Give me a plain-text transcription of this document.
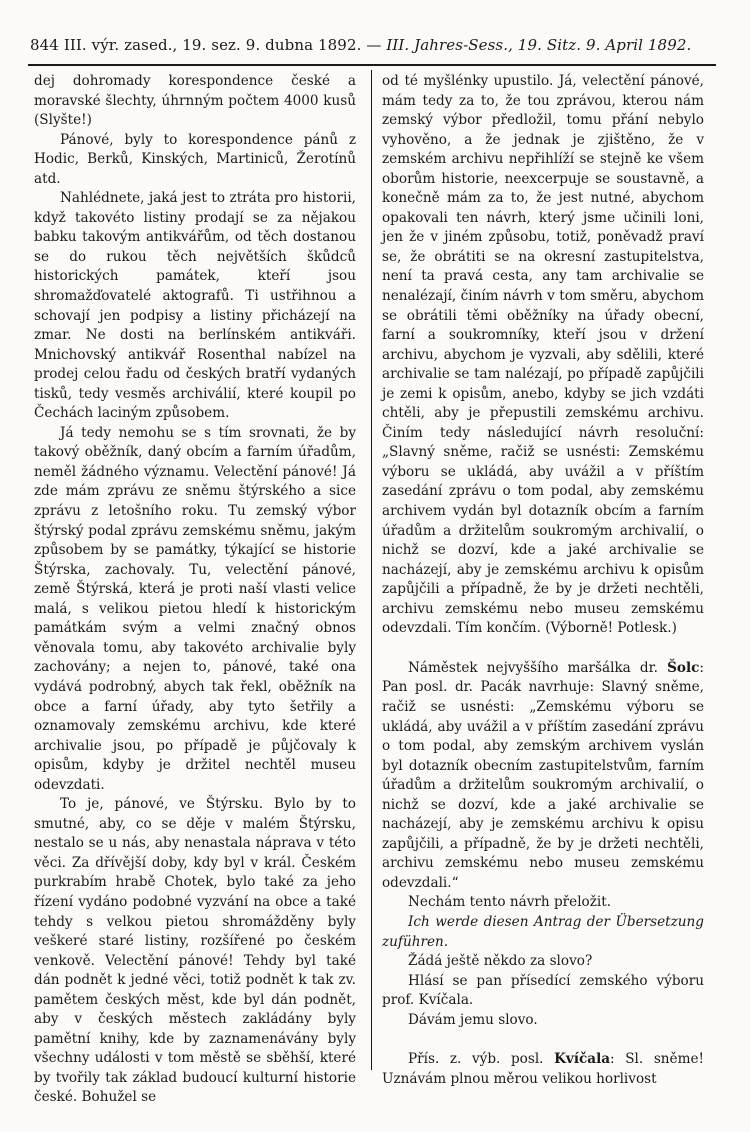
844 III. výr. zased., 19. sez. 9. dubna 1892. — III. Jahres-Sess., 19. Sitz. 9. April 1892.

dej dohromady korespondence české a moravské šlechty, úhrnným počtem 4000 kusů (Slyšte!)

Pánové, byly to korespondence pánů z Hodic, Berků, Kinských, Martiniců, Žerotínů atd.

Nahlédnete, jaká jest to ztráta pro historii, když takovéto listiny prodají se za nějakou babku takovým antikvářům, od těch dostanou se do rukou těch největších škůdců historických památek, kteří jsou shromažďovatelé aktografů. Ti ustřihnou a schovají jen podpisy a listiny přicházejí na zmar. Ne dosti na berlínském antikváři. Mnichovský antikvář Rosenthal nabízel na prodej celou řadu od českých bratří vydaných tisků, tedy vesměs archiválií, které koupil po Čechách laciným způsobem.

Já tedy nemohu se s tím srovnati, že by takový oběžník, daný obcím a farním úřadům, neměl žádného významu. Velectění pánové! Já zde mám zprávu ze sněmu štýrského a sice zprávu z letošního roku. Tu zemský výbor štýrský podal zprávu zemskému sněmu, jakým způsobem by se památky, týkající se historie Štýrska, zachovaly. Tu, velectění pánové, země Štýrská, která je proti naší vlasti velice malá, s velikou pietou hledí k historickým památkám svým a velmi značný obnos věnovala tomu, aby takovéto archivalie byly zachovány; a nejen to, pánové, také ona vydává podrobný, abych tak řekl, oběžník na obce a farní úřady, aby tyto šetřily a oznamovaly zemskému archivu, kde které archivalie jsou, po případě je půjčovaly k opisům, kdyby je držitel nechtěl museu odevzdati.

To je, pánové, ve Štýrsku. Bylo by to smutné, aby, co se děje v malém Štýrsku, nestalo se u nás, aby nenastala náprava v této věci. Za dřívější doby, kdy byl v král. Českém purkrabím hrabě Chotek, bylo také za jeho řízení vydáno podobné vyzvání na obce a také tehdy s velkou pietou shromážděny byly veškeré staré listiny, rozšířené po českém venkově. Velectění pánové! Tehdy byl také dán podnět k jedné věci, totiž podnět k tak zv. pamětem českých měst, kde byl dán podnět, aby v českých městech zakládány byly pamětní knihy, kde by zaznamenávány byly všechny události v tom městě se sběhší, které by tvořily tak základ budoucí kulturní historie české. Bohužel se

od té myšlénky upustilo. Já, velectění pánové, mám tedy za to, že tou zprávou, kterou nám zemský výbor předložil, tomu přání nebylo vyhověno, a že jednak je zjištěno, že v zemském archivu nepřihlíží se stejně ke všem oborům historie, neexcerpuje se soustavně, a konečně mám za to, že jest nutné, abychom opakovali ten návrh, který jsme učinili loni, jen že v jiném způsobu, totiž, poněvadž praví se, že obrátiti se na okresní zastupitelstva, není ta pravá cesta, any tam archivalie se nenalézají, činím návrh v tom směru, abychom se obrátili těmi oběžníky na úřady obecní, farní a soukromníky, kteří jsou v držení archivu, abychom je vyzvali, aby sdělili, které archivalie se tam nalézají, po případě zapůjčili je zemi k opisům, anebo, kdyby se jich vzdáti chtěli, aby je přepustili zemskému archivu. Činím tedy následující návrh resoluční: „Slavný sněme, račiž se usnésti: Zemskému výboru se ukládá, aby uvážil a v příštím zasedání zprávu o tom podal, aby zemskému archivem vydán byl dotazník obcím a farním úřadům a držitelům soukromým archivalií, o nichž se dozví, kde a jaké archivalie se nacházejí, aby je zemskému archivu k opisům zapůjčili a případně, že by je držeti nechtěli, archivu zemskému nebo museu zemskému odevzdali. Tím končím. (Výborně! Potlesk.)

Náměstek nejvyššího maršálka dr. Šolc: Pan posl. dr. Pacák navrhuje: Slavný sněme, račiž se usnésti: „Zemskému výboru se ukládá, aby uvážil a v příštím zasedání zprávu o tom podal, aby zemským archivem vyslán byl dotazník obecním zastupitelstvům, farním úřadům a držitelům soukromým archivalií, o nichž se dozví, kde a jaké archivalie se nacházejí, aby je zemskému archivu k opisu zapůjčili, a případně, že by je držeti nechtěli, archivu zemskému nebo museu zemskému odevzdali.“

Nechám tento návrh přeložit.

Ich werde diesen Antrag der Übersetzung zuführen.

Žádá ještě někdo za slovo?

Hlásí se pan přísedící zemského výboru prof. Kvíčala.

Dávám jemu slovo.

Přís. z. výb. posl. Kvíčala: Sl. sněme! Uznávám plnou měrou velikou horlivost
